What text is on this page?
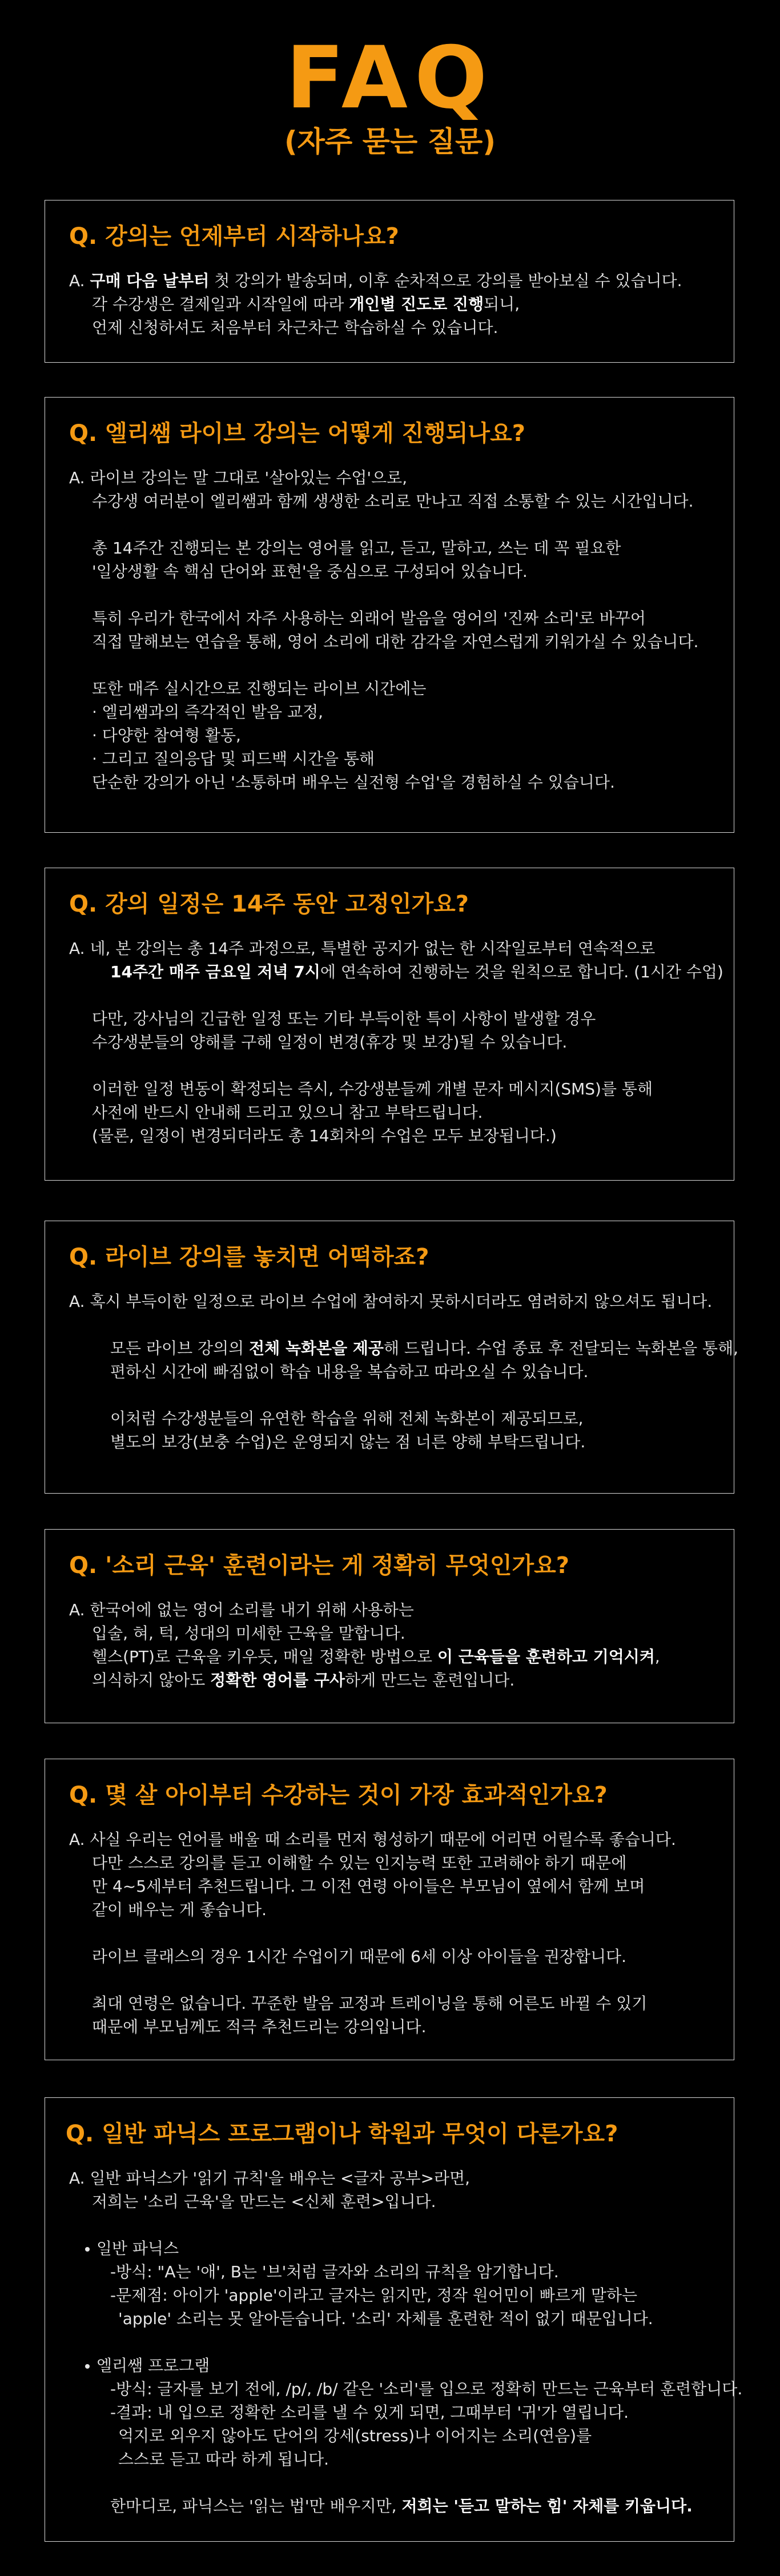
FAQ
(자주 묻는 질문)
Q. 강의는 언제부터 시작하나요?
A. 구매 다음 날부터 첫 강의가 발송되며, 이후 순차적으로 강의를 받아보실 수 있습니다.
각 수강생은 결제일과 시작일에 따라 개인별 진도로 진행되니,
언제 신청하셔도 처음부터 차근차근 학습하실 수 있습니다.
Q. 엘리쌤 라이브 강의는 어떻게 진행되나요?
A. 라이브 강의는 말 그대로 '살아있는 수업'으로,
수강생 여러분이 엘리쌤과 함께 생생한 소리로 만나고 직접 소통할 수 있는 시간입니다.
총 14주간 진행되는 본 강의는 영어를 읽고, 듣고, 말하고, 쓰는 데 꼭 필요한
'일상생활 속 핵심 단어와 표현'을 중심으로 구성되어 있습니다.
특히 우리가 한국에서 자주 사용하는 외래어 발음을 영어의 '진짜 소리'로 바꾸어
직접 말해보는 연습을 통해, 영어 소리에 대한 감각을 자연스럽게 키워가실 수 있습니다.
또한 매주 실시간으로 진행되는 라이브 시간에는
· 엘리쌤과의 즉각적인 발음 교정,
· 다양한 참여형 활동,
· 그리고 질의응답 및 피드백 시간을 통해
단순한 강의가 아닌 '소통하며 배우는 실전형 수업'을 경험하실 수 있습니다.
Q. 강의 일정은 14주 동안 고정인가요?
A. 네, 본 강의는 총 14주 과정으로, 특별한 공지가 없는 한 시작일로부터 연속적으로
14주간 매주 금요일 저녁 7시에 연속하여 진행하는 것을 원칙으로 합니다. (1시간 수업)
다만, 강사님의 긴급한 일정 또는 기타 부득이한 특이 사항이 발생할 경우
수강생분들의 양해를 구해 일정이 변경(휴강 및 보강)될 수 있습니다.
이러한 일정 변동이 확정되는 즉시, 수강생분들께 개별 문자 메시지(SMS)를 통해
사전에 반드시 안내해 드리고 있으니 참고 부탁드립니다.
(물론, 일정이 변경되더라도 총 14회차의 수업은 모두 보장됩니다.)
Q. 라이브 강의를 놓치면 어떡하죠?
A. 혹시 부득이한 일정으로 라이브 수업에 참여하지 못하시더라도 염려하지 않으셔도 됩니다.
모든 라이브 강의의 전체 녹화본을 제공해 드립니다. 수업 종료 후 전달되는 녹화본을 통해,
편하신 시간에 빠짐없이 학습 내용을 복습하고 따라오실 수 있습니다.
이처럼 수강생분들의 유연한 학습을 위해 전체 녹화본이 제공되므로,
별도의 보강(보충 수업)은 운영되지 않는 점 너른 양해 부탁드립니다.
Q. '소리 근육' 훈련이라는 게 정확히 무엇인가요?
A. 한국어에 없는 영어 소리를 내기 위해 사용하는
입술, 혀, 턱, 성대의 미세한 근육을 말합니다.
헬스(PT)로 근육을 키우듯, 매일 정확한 방법으로 이 근육들을 훈련하고 기억시켜,
의식하지 않아도 정확한 영어를 구사하게 만드는 훈련입니다.
Q. 몇 살 아이부터 수강하는 것이 가장 효과적인가요?
A. 사실 우리는 언어를 배울 때 소리를 먼저 형성하기 때문에 어리면 어릴수록 좋습니다.
다만 스스로 강의를 듣고 이해할 수 있는 인지능력 또한 고려해야 하기 때문에
만 4~5세부터 추천드립니다. 그 이전 연령 아이들은 부모님이 옆에서 함께 보며
같이 배우는 게 좋습니다.
라이브 클래스의 경우 1시간 수업이기 때문에 6세 이상 아이들을 권장합니다.
최대 연령은 없습니다. 꾸준한 발음 교정과 트레이닝을 통해 어른도 바뀔 수 있기
때문에 부모님께도 적극 추천드리는 강의입니다.
Q. 일반 파닉스 프로그램이나 학원과 무엇이 다른가요?
A. 일반 파닉스가 '읽기 규칙'을 배우는 <글자 공부>라면,
저희는 '소리 근육'을 만드는 <신체 훈련>입니다.
일반 파닉스
-방식: "A는 '애', B는 '브'처럼 글자와 소리의 규칙을 암기합니다.
-문제점: 아이가 'apple'이라고 글자는 읽지만, 정작 원어민이 빠르게 말하는
'apple' 소리는 못 알아듣습니다. '소리' 자체를 훈련한 적이 없기 때문입니다.
엘리쌤 프로그램
-방식: 글자를 보기 전에, /p/, /b/ 같은 '소리'를 입으로 정확히 만드는 근육부터 훈련합니다.
-결과: 내 입으로 정확한 소리를 낼 수 있게 되면, 그때부터 '귀'가 열립니다.
억지로 외우지 않아도 단어의 강세(stress)나 이어지는 소리(연음)를
스스로 듣고 따라 하게 됩니다.
한마디로, 파닉스는 '읽는 법'만 배우지만, 저희는 '듣고 말하는 힘' 자체를 키웁니다.
